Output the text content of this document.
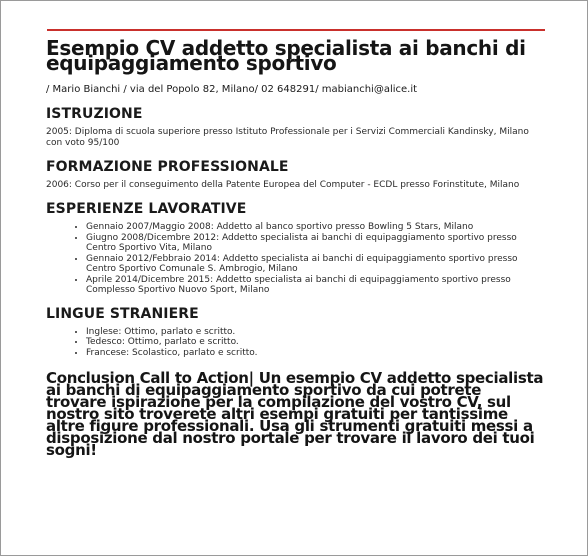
Esempio CV addetto specialista ai banchi di equipaggiamento sportivo
/ Mario Bianchi / via del Popolo 82, Milano/ 02 648291/ mabianchi@alice.it
ISTRUZIONE
2005: Diploma di scuola superiore presso Istituto Professionale per i Servizi Commerciali Kandinsky, Milano con voto 95/100
FORMAZIONE PROFESSIONALE
2006: Corso per il conseguimento della Patente Europea del Computer - ECDL presso Forinstitute, Milano
ESPERIENZE LAVORATIVE
• Gennaio 2007/Maggio 2008: Addetto al banco sportivo presso Bowling 5 Stars, Milano
• Giugno 2008/Dicembre 2012: Addetto specialista ai banchi di equipaggiamento sportivo presso Centro Sportivo Vita, Milano
• Gennaio 2012/Febbraio 2014: Addetto specialista ai banchi di equipaggiamento sportivo presso Centro Sportivo Comunale S. Ambrogio, Milano
• Aprile 2014/Dicembre 2015: Addetto specialista ai banchi di equipaggiamento sportivo presso Complesso Sportivo Nuovo Sport, Milano
LINGUE STRANIERE
• Inglese: Ottimo, parlato e scritto.
• Tedesco: Ottimo, parlato e scritto.
• Francese: Scolastico, parlato e scritto.
Conclusion Call to Action| Un esempio CV addetto specialista ai banchi di equipaggiamento sportivo da cui potrete trovare ispirazione per la compilazione del vostro CV, sul nostro sito troverete altri esempi gratuiti per tantissime altre figure professionali. Usa gli strumenti gratuiti messi a disposizione dal nostro portale per trovare il lavoro dei tuoi sogni!
